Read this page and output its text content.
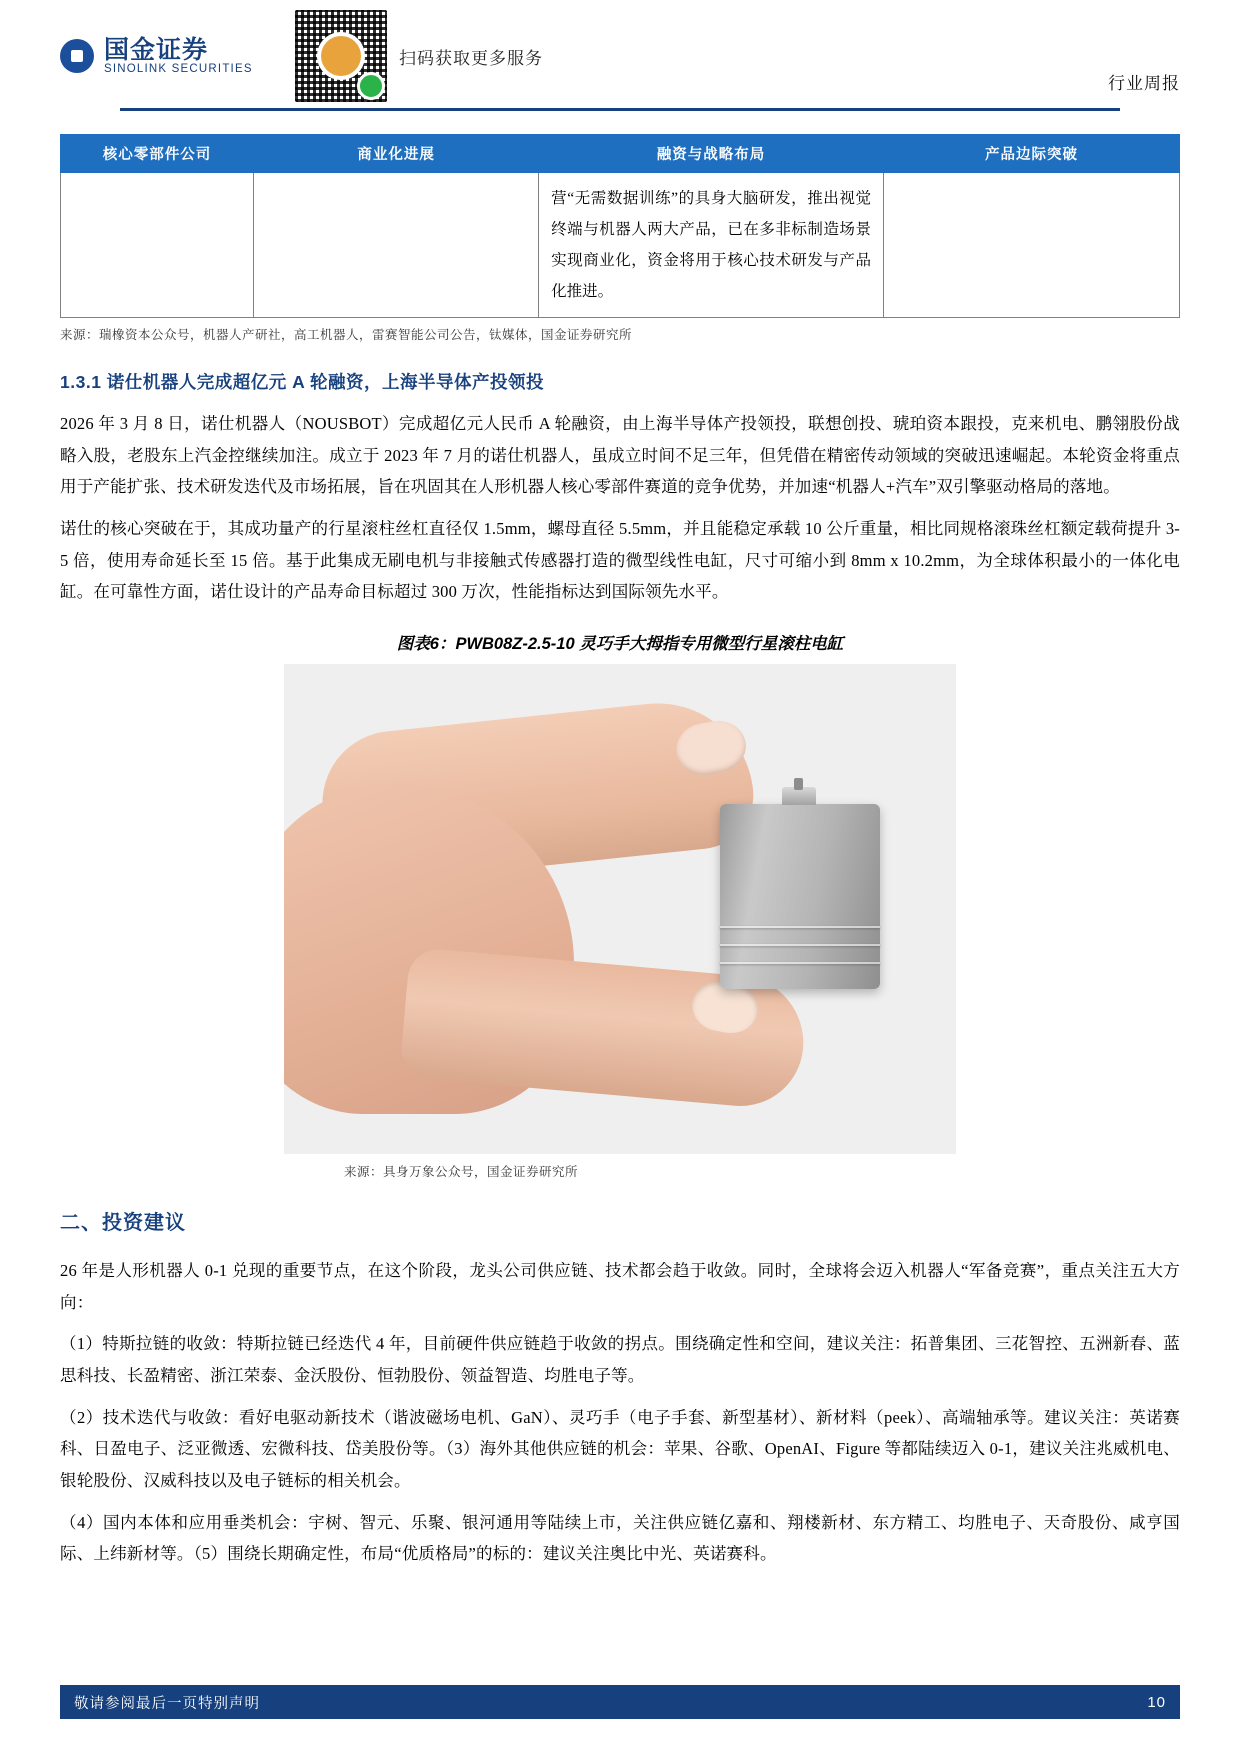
国金证券
SINOLINK SECURITIES
扫码获取更多服务
行业周报
核心零部件公司	商业化进展	融资与战略布局	产品边际突破
		营“无需数据训练”的具身大脑研发，推出视觉终端与机器人两大产品，已在多非标制造场景实现商业化，资金将用于核心技术研发与产品化推进。	
来源：瑞橡资本公众号，机器人产研社，高工机器人，雷赛智能公司公告，钛媒体，国金证券研究所
1.3.1 诺仕机器人完成超亿元 A 轮融资，上海半导体产投领投

2026 年 3 月 8 日，诺仕机器人（NOUSBOT）完成超亿元人民币 A 轮融资，由上海半导体产投领投，联想创投、琥珀资本跟投，克来机电、鹏翎股份战略入股，老股东上汽金控继续加注。成立于 2023 年 7 月的诺仕机器人，虽成立时间不足三年，但凭借在精密传动领域的突破迅速崛起。本轮资金将重点用于产能扩张、技术研发迭代及市场拓展，旨在巩固其在人形机器人核心零部件赛道的竞争优势，并加速“机器人+汽车”双引擎驱动格局的落地。

诺仕的核心突破在于，其成功量产的行星滚柱丝杠直径仅 1.5mm，螺母直径 5.5mm，并且能稳定承载 10 公斤重量，相比同规格滚珠丝杠额定载荷提升 3-5 倍，使用寿命延长至 15 倍。基于此集成无刷电机与非接触式传感器打造的微型线性电缸，尺寸可缩小到 8mm x 10.2mm，为全球体积最小的一体化电缸。在可靠性方面，诺仕设计的产品寿命目标超过 300 万次，性能指标达到国际领先水平。

图表6：PWB08Z-2.5-10 灵巧手大拇指专用微型行星滚柱电缸
来源：具身万象公众号，国金证券研究所
二、投资建议

26 年是人形机器人 0-1 兑现的重要节点，在这个阶段，龙头公司供应链、技术都会趋于收敛。同时，全球将会迈入机器人“军备竞赛”，重点关注五大方向：

（1）特斯拉链的收敛：特斯拉链已经迭代 4 年，目前硬件供应链趋于收敛的拐点。围绕确定性和空间，建议关注：拓普集团、三花智控、五洲新春、蓝思科技、长盈精密、浙江荣泰、金沃股份、恒勃股份、领益智造、均胜电子等。

（2）技术迭代与收敛：看好电驱动新技术（谐波磁场电机、GaN）、灵巧手（电子手套、新型基材）、新材料（peek）、高端轴承等。建议关注：英诺赛科、日盈电子、泛亚微透、宏微科技、岱美股份等。（3）海外其他供应链的机会：苹果、谷歌、OpenAI、Figure 等都陆续迈入 0-1，建议关注兆威机电、银轮股份、汉威科技以及电子链标的相关机会。

（4）国内本体和应用垂类机会：宇树、智元、乐聚、银河通用等陆续上市，关注供应链亿嘉和、翔楼新材、东方精工、均胜电子、天奇股份、咸亨国际、上纬新材等。（5）围绕长期确定性，布局“优质格局”的标的：建议关注奥比中光、英诺赛科。

敬请参阅最后一页特别声明	10
